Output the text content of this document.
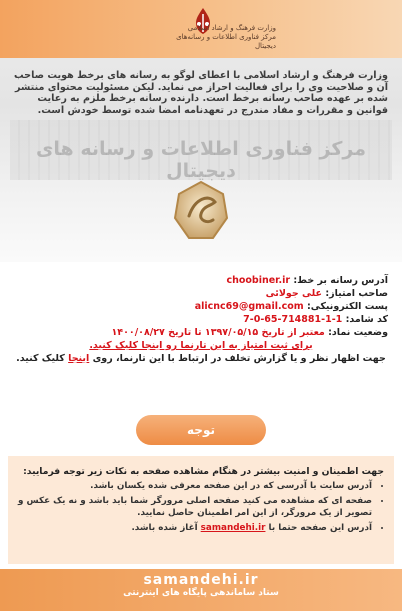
وزارت فرهنگ و ارشاد اسلامی
مرکز فناوری اطلاعات و رسانه‌های دیجیتال
وزارت فرهنگ و ارشاد اسلامی با اعطای لوگو به رسانه های برخط هویت صاحب آن و صلاحیت وی را برای فعالیت احراز می نماید. لیکن مسئولیت محتوای منتشر شده بر عهده صاحب رسانه برخط است. دارنده رسانه برخط ملزم به رعایت قوانین و مقررات و مفاد مندرج در تعهدنامه امضا شده توسط خودش است.
مرکز فناوری اطلاعات و رسانه های دیجیتال
آدرس رسانه بر خط: choobiner.ir
صاحب امتیاز: علی جولائی
پست الکترونیکی: alicnc69@gmail.com
کد شامد: 1-1-714881-65-0-7
وضعیت نماد: معتبر از تاریخ ۱۳۹۷/۰۵/۱۵ تا تاریخ ۱۴۰۰/۰۸/۲۷
برای ثبت امتیاز به این تارنما رو اینجا کلیک کنید.
جهت اظهار نظر و یا گزارش تخلف در ارتباط با این تارنما، روی اینجا کلیک کنید.
توجه
جهت اطمینان و امنیت بیشتر در هنگام مشاهده صفحه به نکات زیر توجه فرمایید:
• آدرس سایت با آدرسی که در این صفحه معرفی شده یکسان باشد.
• صفحه ای که مشاهده می کنید صفحه اصلی مرورگر شما باید باشد و نه یک عکس و تصویر از یک مرورگر، از این امر اطمینان حاصل نمایید.
• آدرس این صفحه حتما با samandehi.ir آغاز شده باشد.
samandehi.ir
ستاد ساماندهی پایگاه های اینترنتی
